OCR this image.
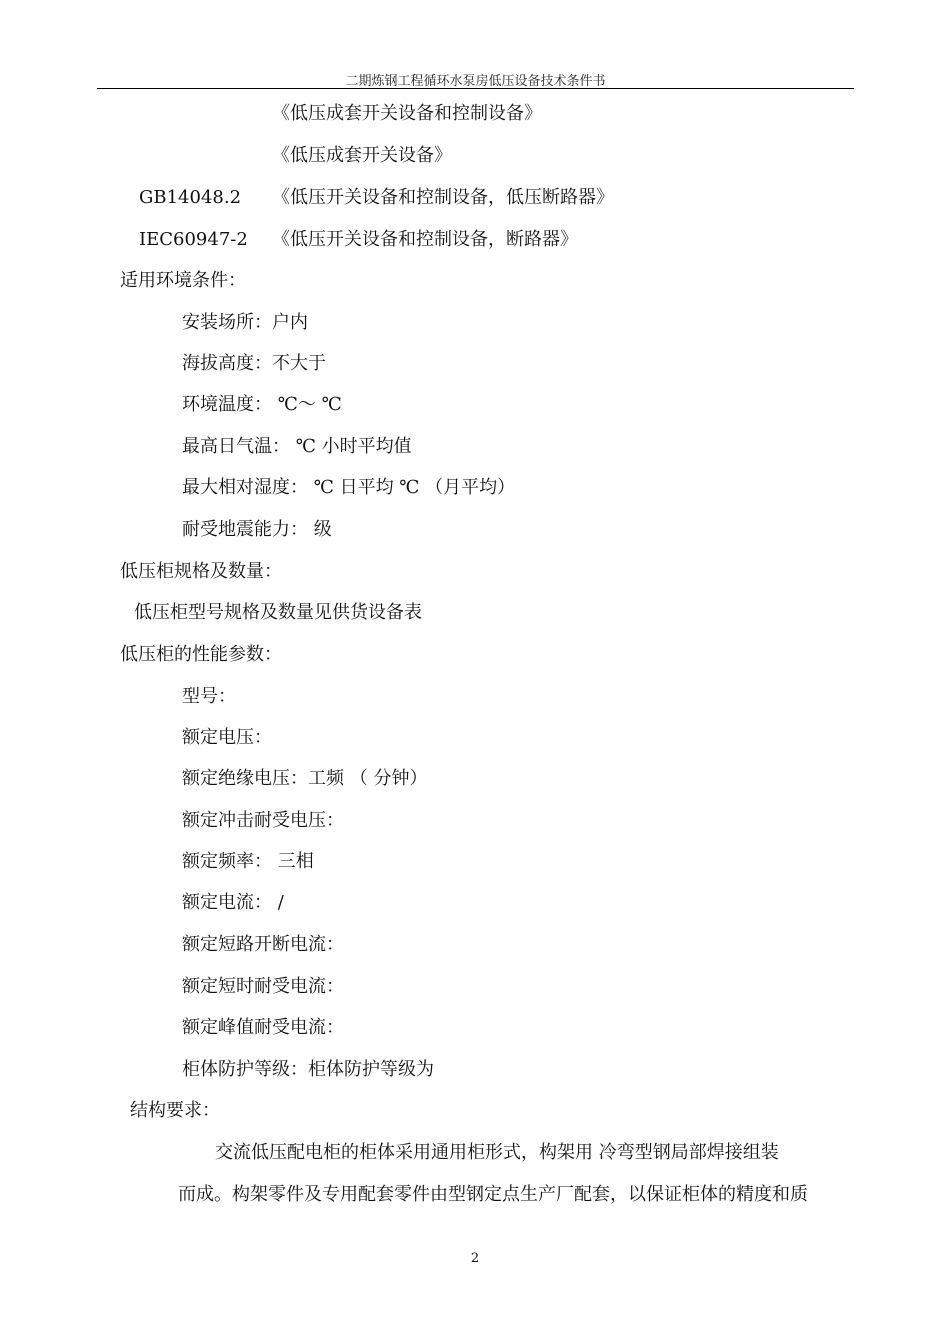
二期炼钢工程循环水泵房低压设备技术条件书
《低压成套开关设备和控制设备》
《低压成套开关设备》
GB14048.2 《低压开关设备和控制设备，低压断路器》
IEC60947-2 《低压开关设备和控制设备，断路器》
适用环境条件：
安装场所：户内
海拔高度：不大于
环境温度： ℃～ ℃
最高日气温： ℃ 小时平均值
最大相对湿度： ℃ 日平均 ℃ （月平均）
耐受地震能力： 级
低压柜规格及数量：
低压柜型号规格及数量见供货设备表
低压柜的性能参数：
型号：
额定电压：
额定绝缘电压：工频 （ 分钟）
额定冲击耐受电压：
额定频率： 三相
额定电流： /
额定短路开断电流：
额定短时耐受电流：
额定峰值耐受电流：
柜体防护等级：柜体防护等级为
结构要求：
交流低压配电柜的柜体采用通用柜形式，构架用 冷弯型钢局部焊接组装
而成。构架零件及专用配套零件由型钢定点生产厂配套，以保证柜体的精度和质
2
